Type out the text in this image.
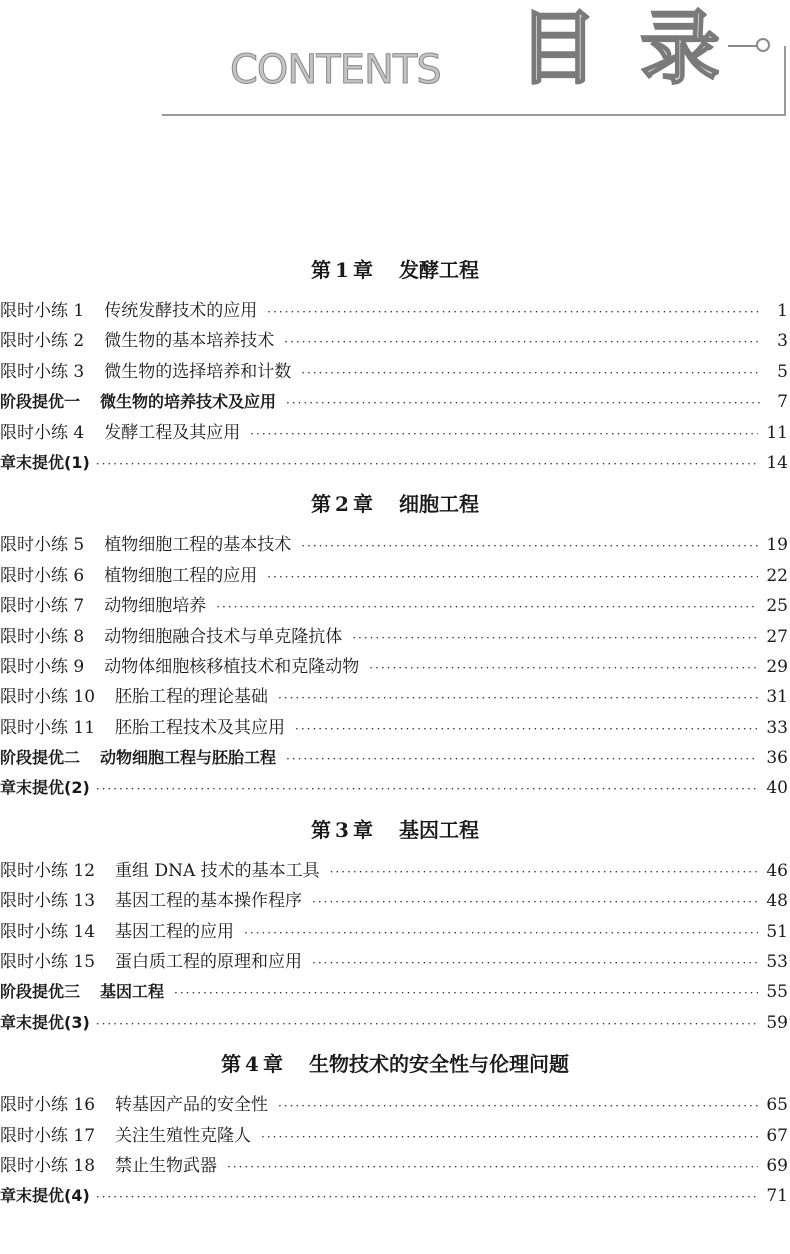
CONTENTS 目 录
第 1 章 发酵工程
限时小练 1	传统发酵技术的应用 ·····	1
限时小练 2	微生物的基本培养技术 ·····	3
限时小练 3	微生物的选择培养和计数 ·····	5
阶段提优一	微生物的培养技术及应用 ·····	7
限时小练 4	发酵工程及其应用 ·····	11
章末提优(1) ·····	14
第 2 章 细胞工程
限时小练 5	植物细胞工程的基本技术 ·····	19
限时小练 6	植物细胞工程的应用 ·····	22
限时小练 7	动物细胞培养 ·····	25
限时小练 8	动物细胞融合技术与单克隆抗体 ·····	27
限时小练 9	动物体细胞核移植技术和克隆动物 ·····	29
限时小练 10	胚胎工程的理论基础 ·····	31
限时小练 11	胚胎工程技术及其应用 ·····	33
阶段提优二	动物细胞工程与胚胎工程 ·····	36
章末提优(2) ·····	40
第 3 章 基因工程
限时小练 12	重组 DNA 技术的基本工具 ·····	46
限时小练 13	基因工程的基本操作程序 ·····	48
限时小练 14	基因工程的应用 ·····	51
限时小练 15	蛋白质工程的原理和应用 ·····	53
阶段提优三	基因工程 ·····	55
章末提优(3) ·····	59
第 4 章 生物技术的安全性与伦理问题
限时小练 16	转基因产品的安全性 ·····	65
限时小练 17	关注生殖性克隆人 ·····	67
限时小练 18	禁止生物武器 ·····	69
章末提优(4) ·····	71
